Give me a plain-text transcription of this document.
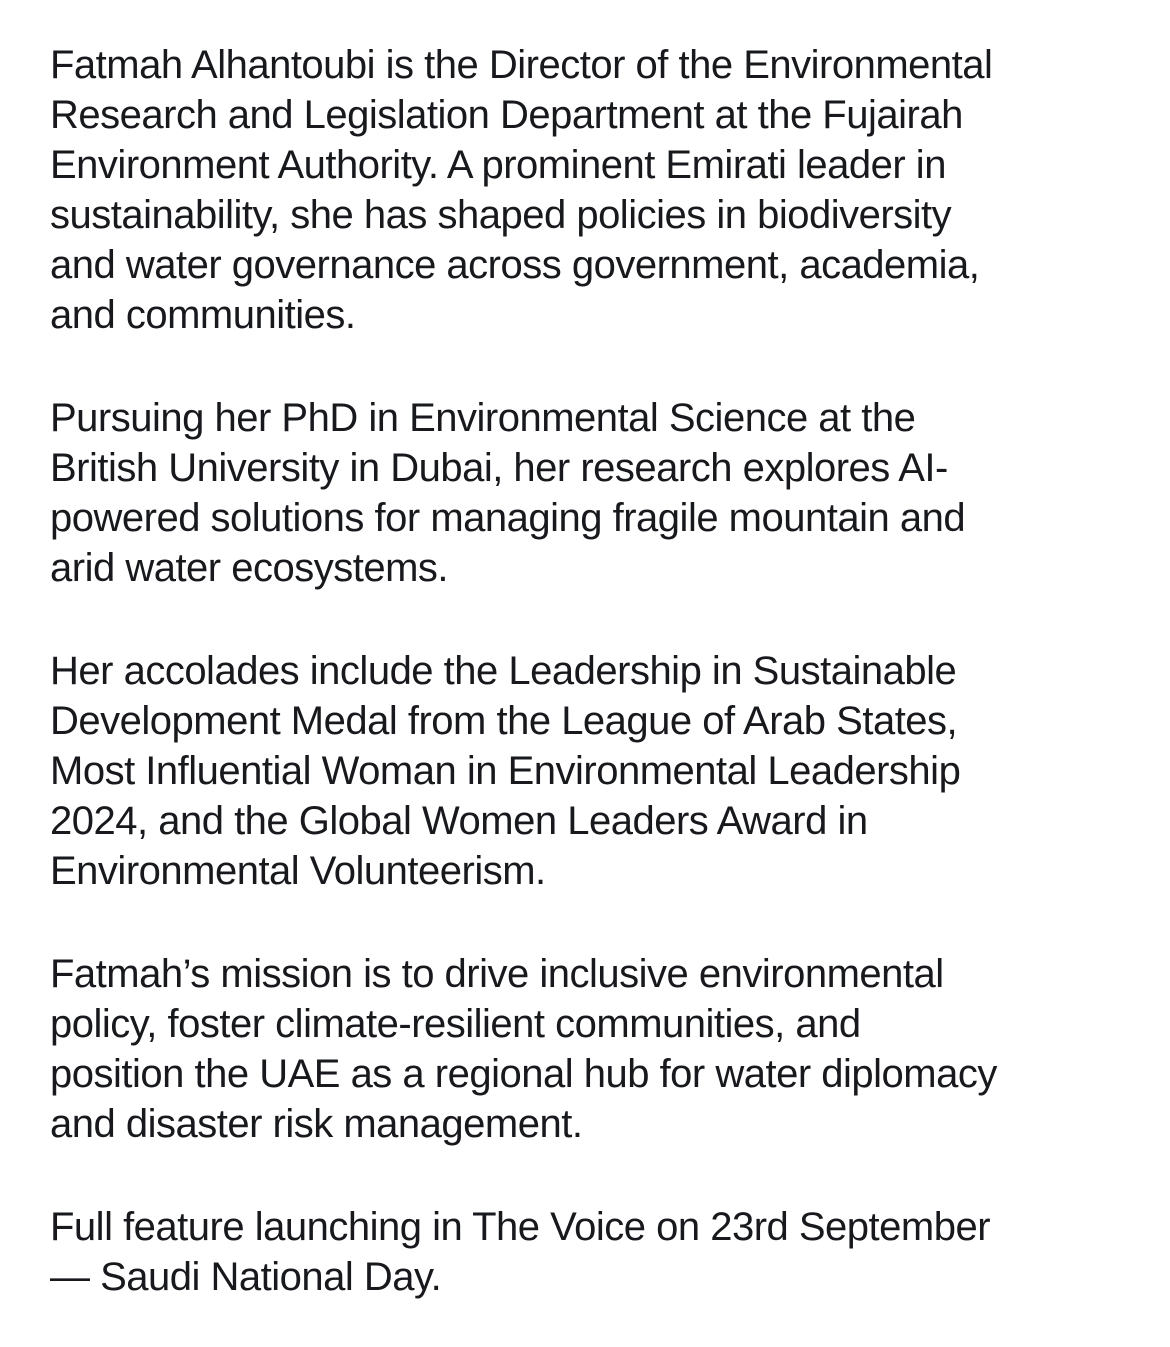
Fatmah Alhantoubi is the Director of the Environmental
Research and Legislation Department at the Fujairah
Environment Authority. A prominent Emirati leader in
sustainability, she has shaped policies in biodiversity
and water governance across government, academia,
and communities.

Pursuing her PhD in Environmental Science at the
British University in Dubai, her research explores AI-
powered solutions for managing fragile mountain and
arid water ecosystems.

Her accolades include the Leadership in Sustainable
Development Medal from the League of Arab States,
Most Influential Woman in Environmental Leadership
2024, and the Global Women Leaders Award in
Environmental Volunteerism.

Fatmah’s mission is to drive inclusive environmental
policy, foster climate-resilient communities, and
position the UAE as a regional hub for water diplomacy
and disaster risk management.

Full feature launching in The Voice on 23rd September
— Saudi National Day.
